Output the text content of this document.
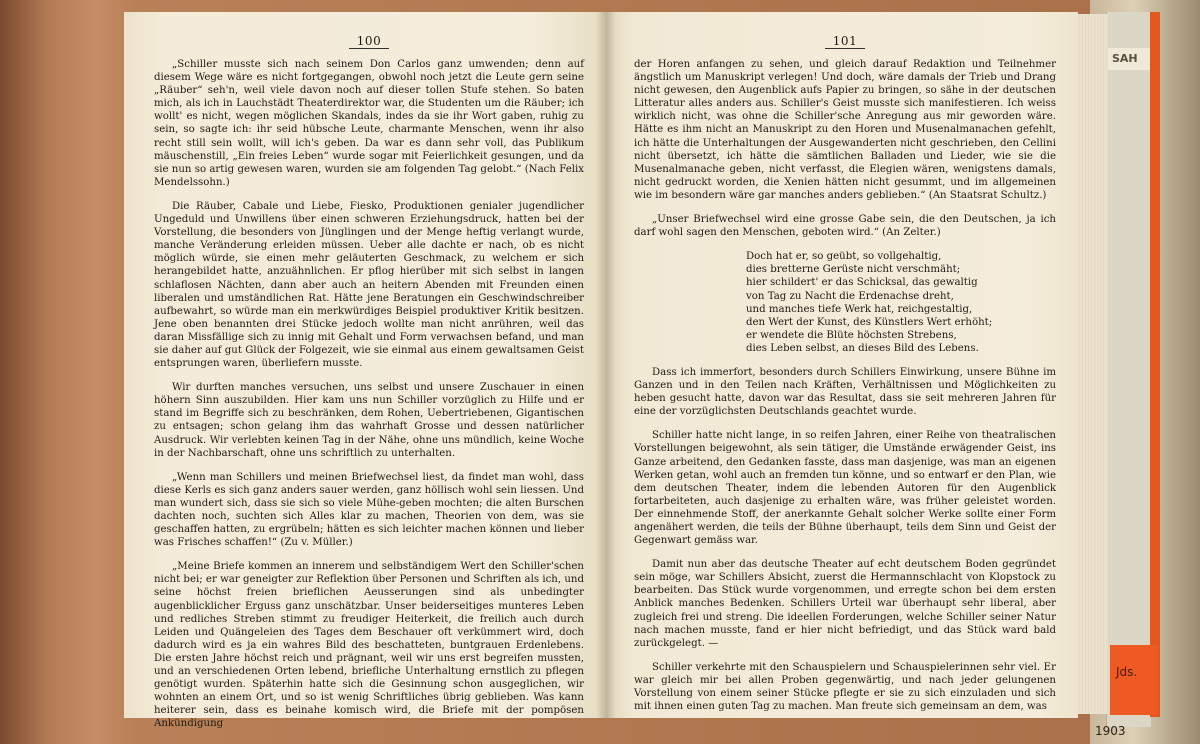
SAH
Jds.
1903
100

„Schiller musste sich nach seinem Don Carlos ganz umwenden; denn auf diesem Wege wäre es nicht fortgegangen, obwohl noch jetzt die Leute gern seine „Räuber“ seh'n, weil viele davon noch auf dieser tollen Stufe stehen. So baten mich, als ich in Lauchstädt Theaterdirektor war, die Studenten um die Räuber; ich wollt' es nicht, wegen möglichen Skandals, indes da sie ihr Wort gaben, ruhig zu sein, so sagte ich: ihr seid hübsche Leute, charmante Menschen, wenn ihr also recht still sein wollt, will ich's geben. Da war es dann sehr voll, das Publikum mäuschenstill, „Ein freies Leben“ wurde sogar mit Feierlichkeit gesungen, und da sie nun so artig gewesen waren, wurden sie am folgenden Tag gelobt.“ (Nach Felix Mendelssohn.)

Die Räuber, Cabale und Liebe, Fiesko, Produktionen genialer jugendlicher Ungeduld und Unwillens über einen schweren Erziehungsdruck, hatten bei der Vorstellung, die besonders von Jünglingen und der Menge heftig verlangt wurde, manche Veränderung erleiden müssen. Ueber alle dachte er nach, ob es nicht möglich würde, sie einen mehr geläuterten Geschmack, zu welchem er sich herangebildet hatte, anzuähnlichen. Er pflog hierüber mit sich selbst in langen schlaflosen Nächten, dann aber auch an heitern Abenden mit Freunden einen liberalen und umständlichen Rat. Hätte jene Beratungen ein Geschwindschreiber aufbewahrt, so würde man ein merkwürdiges Beispiel produktiver Kritik besitzen. Jene oben benannten drei Stücke jedoch wollte man nicht anrühren, weil das daran Missfällige sich zu innig mit Gehalt und Form verwachsen befand, und man sie daher auf gut Glück der Folgezeit, wie sie einmal aus einem gewaltsamen Geist entsprungen waren, überliefern musste.

Wir durften manches versuchen, uns selbst und unsere Zuschauer in einen höhern Sinn auszubilden. Hier kam uns nun Schiller vorzüglich zu Hilfe und er stand im Begriffe sich zu beschränken, dem Rohen, Uebertriebenen, Gigantischen zu entsagen; schon gelang ihm das wahrhaft Grosse und dessen natürlicher Ausdruck. Wir verlebten keinen Tag in der Nähe, ohne uns mündlich, keine Woche in der Nachbarschaft, ohne uns schriftlich zu unterhalten.

„Wenn man Schillers und meinen Briefwechsel liest, da findet man wohl, dass diese Kerls es sich ganz anders sauer werden, ganz höllisch wohl sein liessen. Und man wundert sich, dass sie sich so viele Mühe-geben mochten; die alten Burschen dachten noch, suchten sich Alles klar zu machen, Theorien von dem, was sie geschaffen hatten, zu ergrübeln; hätten es sich leichter machen können und lieber was Frisches schaffen!“ (Zu v. Müller.)

„Meine Briefe kommen an innerem und selbständigem Wert den Schiller'schen nicht bei; er war geneigter zur Reflektion über Personen und Schriften als ich, und seine höchst freien brieflichen Aeusserungen sind als unbedingter augenblicklicher Erguss ganz unschätzbar. Unser beiderseitiges munteres Leben und redliches Streben stimmt zu freudiger Heiterkeit, die freilich auch durch Leiden und Quängeleien des Tages dem Beschauer oft verkümmert wird, doch dadurch wird es ja ein wahres Bild des beschatteten, buntgrauen Erdenlebens. Die ersten Jahre höchst reich und prägnant, weil wir uns erst begreifen mussten, und an verschiedenen Orten lebend, briefliche Unterhaltung ernstlich zu pflegen genötigt wurden. Späterhin hatte sich die Gesinnung schon ausgeglichen, wir wohnten an einem Ort, und so ist wenig Schriftliches übrig geblieben. Was kann heiterer sein, dass es beinahe komisch wird, die Briefe mit der pompösen Ankündigung

101

der Horen anfangen zu sehen, und gleich darauf Redaktion und Teilnehmer ängstlich um Manuskript verlegen! Und doch, wäre damals der Trieb und Drang nicht gewesen, den Augenblick aufs Papier zu bringen, so sähe in der deutschen Litteratur alles anders aus. Schiller's Geist musste sich manifestieren. Ich weiss wirklich nicht, was ohne die Schiller'sche Anregung aus mir geworden wäre. Hätte es ihm nicht an Manuskript zu den Horen und Musenalmanachen gefehlt, ich hätte die Unterhaltungen der Ausgewanderten nicht geschrieben, den Cellini nicht übersetzt, ich hätte die sämtlichen Balladen und Lieder, wie sie die Musenalmanache geben, nicht verfasst, die Elegien wären, wenigstens damals, nicht gedruckt worden, die Xenien hätten nicht gesummt, und im allgemeinen wie im besondern wäre gar manches anders geblieben.“ (An Staatsrat Schultz.)

„Unser Briefwechsel wird eine grosse Gabe sein, die den Deutschen, ja ich darf wohl sagen den Menschen, geboten wird.“ (An Zelter.)

Doch hat er, so geübt, so vollgehaltig,
dies bretterne Gerüste nicht verschmäht;
hier schildert' er das Schicksal, das gewaltig
von Tag zu Nacht die Erdenachse dreht,
und manches tiefe Werk hat, reichgestaltig,
den Wert der Kunst, des Künstlers Wert erhöht;
er wendete die Blüte höchsten Strebens,
dies Leben selbst, an dieses Bild des Lebens.

Dass ich immerfort, besonders durch Schillers Einwirkung, unsere Bühne im Ganzen und in den Teilen nach Kräften, Verhältnissen und Möglichkeiten zu heben gesucht hatte, davon war das Resultat, dass sie seit mehreren Jahren für eine der vorzüglichsten Deutschlands geachtet wurde.

Schiller hatte nicht lange, in so reifen Jahren, einer Reihe von theatralischen Vorstellungen beigewohnt, als sein tätiger, die Umstände erwägender Geist, ins Ganze arbeitend, den Gedanken fasste, dass man dasjenige, was man an eigenen Werken getan, wohl auch an fremden tun könne, und so entwarf er den Plan, wie dem deutschen Theater, indem die lebenden Autoren für den Augenblick fortarbeiteten, auch dasjenige zu erhalten wäre, was früher geleistet worden. Der einnehmende Stoff, der anerkannte Gehalt solcher Werke sollte einer Form angenähert werden, die teils der Bühne überhaupt, teils dem Sinn und Geist der Gegenwart gemäss war.

Damit nun aber das deutsche Theater auf echt deutschem Boden gegründet sein möge, war Schillers Absicht, zuerst die Hermannschlacht von Klopstock zu bearbeiten. Das Stück wurde vorgenommen, und erregte schon bei dem ersten Anblick manches Bedenken. Schillers Urteil war überhaupt sehr liberal, aber zugleich frei und streng. Die ideellen Forderungen, welche Schiller seiner Natur nach machen musste, fand er hier nicht befriedigt, und das Stück ward bald zurückgelegt. —

Schiller verkehrte mit den Schauspielern und Schauspielerinnen sehr viel. Er war gleich mir bei allen Proben gegenwärtig, und nach jeder gelungenen Vorstellung von einem seiner Stücke pflegte er sie zu sich einzuladen und sich mit ihnen einen guten Tag zu machen. Man freute sich gemeinsam an dem, was
